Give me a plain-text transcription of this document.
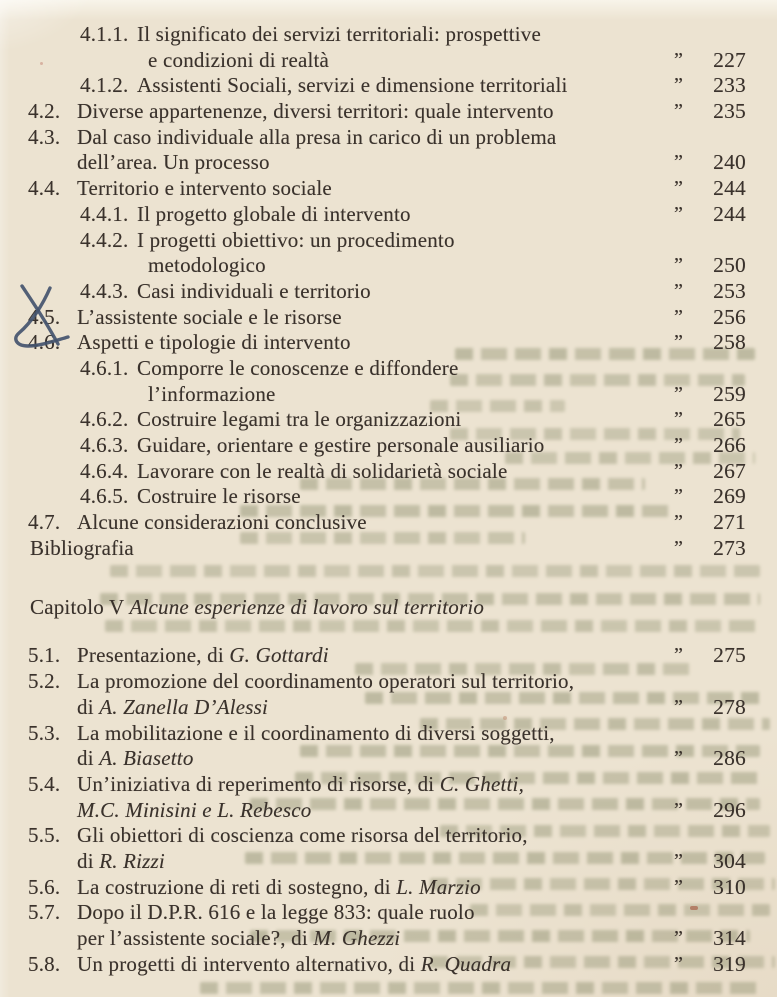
4.1.1. Il significato dei servizi territoriali: prospettive
e condizioni di realtà	”	227
4.1.2. Assistenti Sociali, servizi e dimensione territoriali	”	233
4.2. Diverse appartenenze, diversi territori: quale intervento	”	235
4.3. Dal caso individuale alla presa in carico di un problema
dell’area. Un processo	”	240
4.4. Territorio e intervento sociale	”	244
4.4.1. Il progetto globale di intervento	”	244
4.4.2. I progetti obiettivo: un procedimento
metodologico	”	250
4.4.3. Casi individuali e territorio	”	253
4.5. L’assistente sociale e le risorse	”	256
4.6. Aspetti e tipologie di intervento	”	258
4.6.1. Comporre le conoscenze e diffondere
l’informazione	”	259
4.6.2. Costruire legami tra le organizzazioni	”	265
4.6.3. Guidare, orientare e gestire personale ausiliario	”	266
4.6.4. Lavorare con le realtà di solidarietà sociale	”	267
4.6.5. Costruire le risorse	”	269
4.7. Alcune considerazioni conclusive	”	271
Bibliografia	”	273
Capitolo V Alcune esperienze di lavoro sul territorio
5.1. Presentazione, di G. Gottardi	”	275
5.2. La promozione del coordinamento operatori sul territorio,
di A. Zanella D’Alessi	”	278
5.3. La mobilitazione e il coordinamento di diversi soggetti,
di A. Biasetto	”	286
5.4. Un’iniziativa di reperimento di risorse, di C. Ghetti,
M.C. Minisini e L. Rebesco	”	296
5.5. Gli obiettori di coscienza come risorsa del territorio,
di R. Rizzi	”	304
5.6. La costruzione di reti di sostegno, di L. Marzio	”	310
5.7. Dopo il D.P.R. 616 e la legge 833: quale ruolo
per l’assistente sociale?, di M. Ghezzi	”	314
5.8. Un progetti di intervento alternativo, di R. Quadra	”	319
